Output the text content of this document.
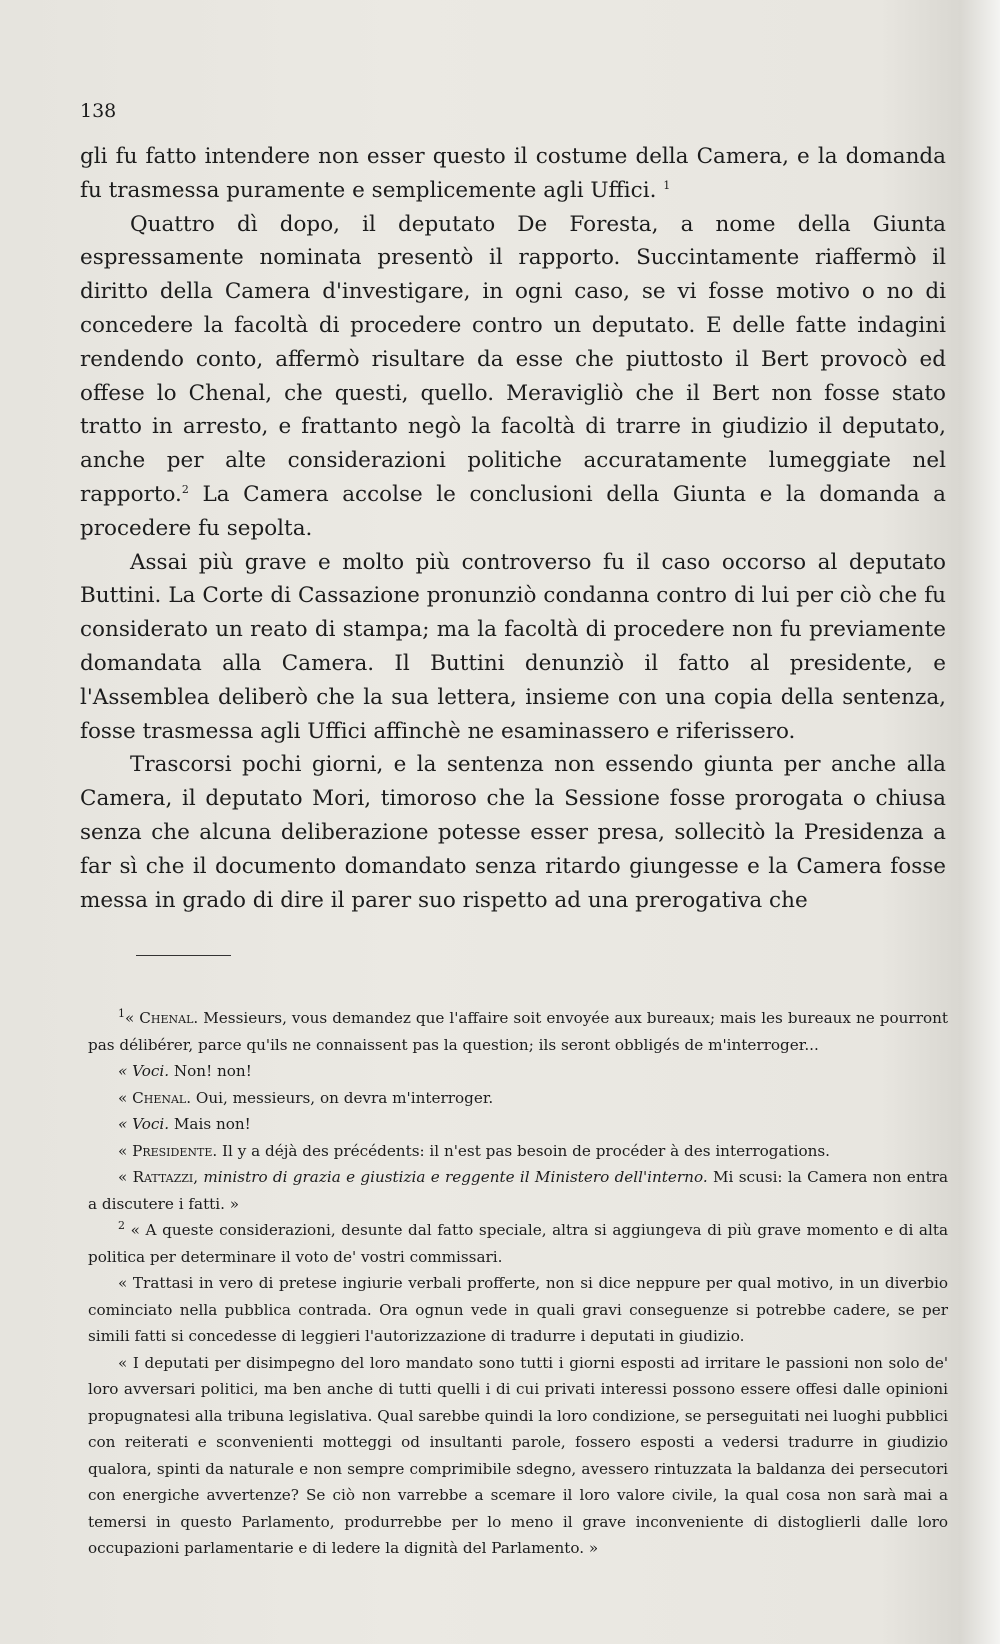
138

gli fu fatto intendere non esser questo il costume della Camera, e la domanda fu trasmessa puramente e semplicemente agli Uffici. $^1$

Quattro dì dopo, il deputato De Foresta, a nome della Giunta espressamente nominata presentò il rapporto. Succintamente riaffermò il diritto della Camera d'investigare, in ogni caso, se vi fosse motivo o no di concedere la facoltà di procedere contro un deputato. E delle fatte indagini rendendo conto, affermò risultare da esse che piuttosto il Bert provocò ed offese lo Chenal, che questi, quello. Meravigliò che il Bert non fosse stato tratto in arresto, e frattanto negò la facoltà di trarre in giudizio il deputato, anche per alte considerazioni politiche accuratamente lumeggiate nel rapporto.$^2$ La Camera accolse le conclusioni della Giunta e la domanda a procedere fu sepolta.

Assai più grave e molto più controverso fu il caso occorso al deputato Buttini. La Corte di Cassazione pronunziò condanna contro di lui per ciò che fu considerato un reato di stampa; ma la facoltà di procedere non fu previamente domandata alla Camera. Il Buttini denunziò il fatto al presidente, e l'Assemblea deliberò che la sua lettera, insieme con una copia della sentenza, fosse trasmessa agli Uffici affinchè ne esaminassero e riferissero.

Trascorsi pochi giorni, e la sentenza non essendo giunta per anche alla Camera, il deputato Mori, timoroso che la Sessione fosse prorogata o chiusa senza che alcuna deliberazione potesse esser presa, sollecitò la Presidenza a far sì che il documento domandato senza ritardo giungesse e la Camera fosse messa in grado di dire il parer suo rispetto ad una prerogativa che

$^1$« Chenal. Messieurs, vous demandez que l'affaire soit envoyée aux bureaux; mais les bureaux ne pourront pas délibérer, parce qu'ils ne connaissent pas la question; ils seront obbligés de m'interroger...

« Voci. Non! non!

« Chenal. Oui, messieurs, on devra m'interroger.

« Voci. Mais non!

« Presidente. Il y a déjà des précédents: il n'est pas besoin de procéder à des interrogations.

« Rattazzi, ministro di grazia e giustizia e reggente il Ministero dell'interno. Mi scusi: la Camera non entra a discutere i fatti. »

$^2$ « A queste considerazioni, desunte dal fatto speciale, altra si aggiungeva di più grave momento e di alta politica per determinare il voto de' vostri commissari.

« Trattasi in vero di pretese ingiurie verbali profferte, non si dice neppure per qual motivo, in un diverbio cominciato nella pubblica contrada. Ora ognun vede in quali gravi conseguenze si potrebbe cadere, se per simili fatti si concedesse di leggieri l'autorizzazione di tradurre i deputati in giudizio.

« I deputati per disimpegno del loro mandato sono tutti i giorni esposti ad irritare le passioni non solo de' loro avversari politici, ma ben anche di tutti quelli i di cui privati interessi possono essere offesi dalle opinioni propugnatesi alla tribuna legislativa. Qual sarebbe quindi la loro condizione, se perseguitati nei luoghi pubblici con reiterati e sconvenienti motteggi od insultanti parole, fossero esposti a vedersi tradurre in giudizio qualora, spinti da naturale e non sempre comprimibile sdegno, avessero rintuzzata la baldanza dei persecutori con energiche avvertenze? Se ciò non varrebbe a scemare il loro valore civile, la qual cosa non sarà mai a temersi in questo Parlamento, produrrebbe per lo meno il grave inconveniente di distoglierli dalle loro occupazioni parlamentarie e di ledere la dignità del Parlamento. »
